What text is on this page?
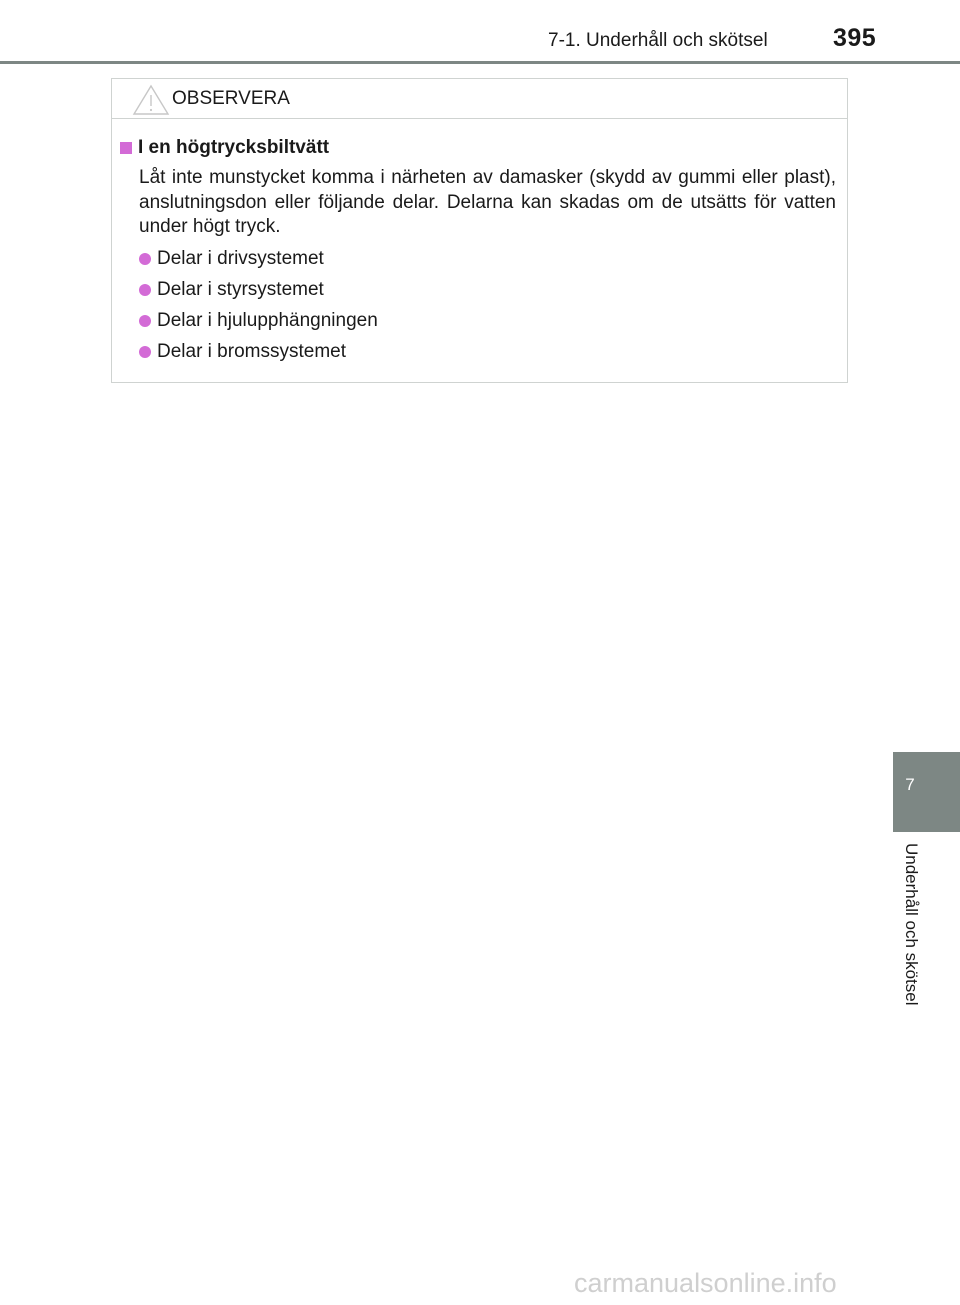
7-1. Underhåll och skötsel	395
OBSERVERA
I en högtrycksbiltvätt
Låt inte munstycket komma i närheten av damasker (skydd av gummi eller plast), anslutningsdon eller följande delar. Delarna kan skadas om de utsätts för vatten under högt tryck.
Delar i drivsystemet
Delar i styrsystemet
Delar i hjulupphängningen
Delar i bromssystemet
7
Underhåll och skötsel
carmanualsonline.info
